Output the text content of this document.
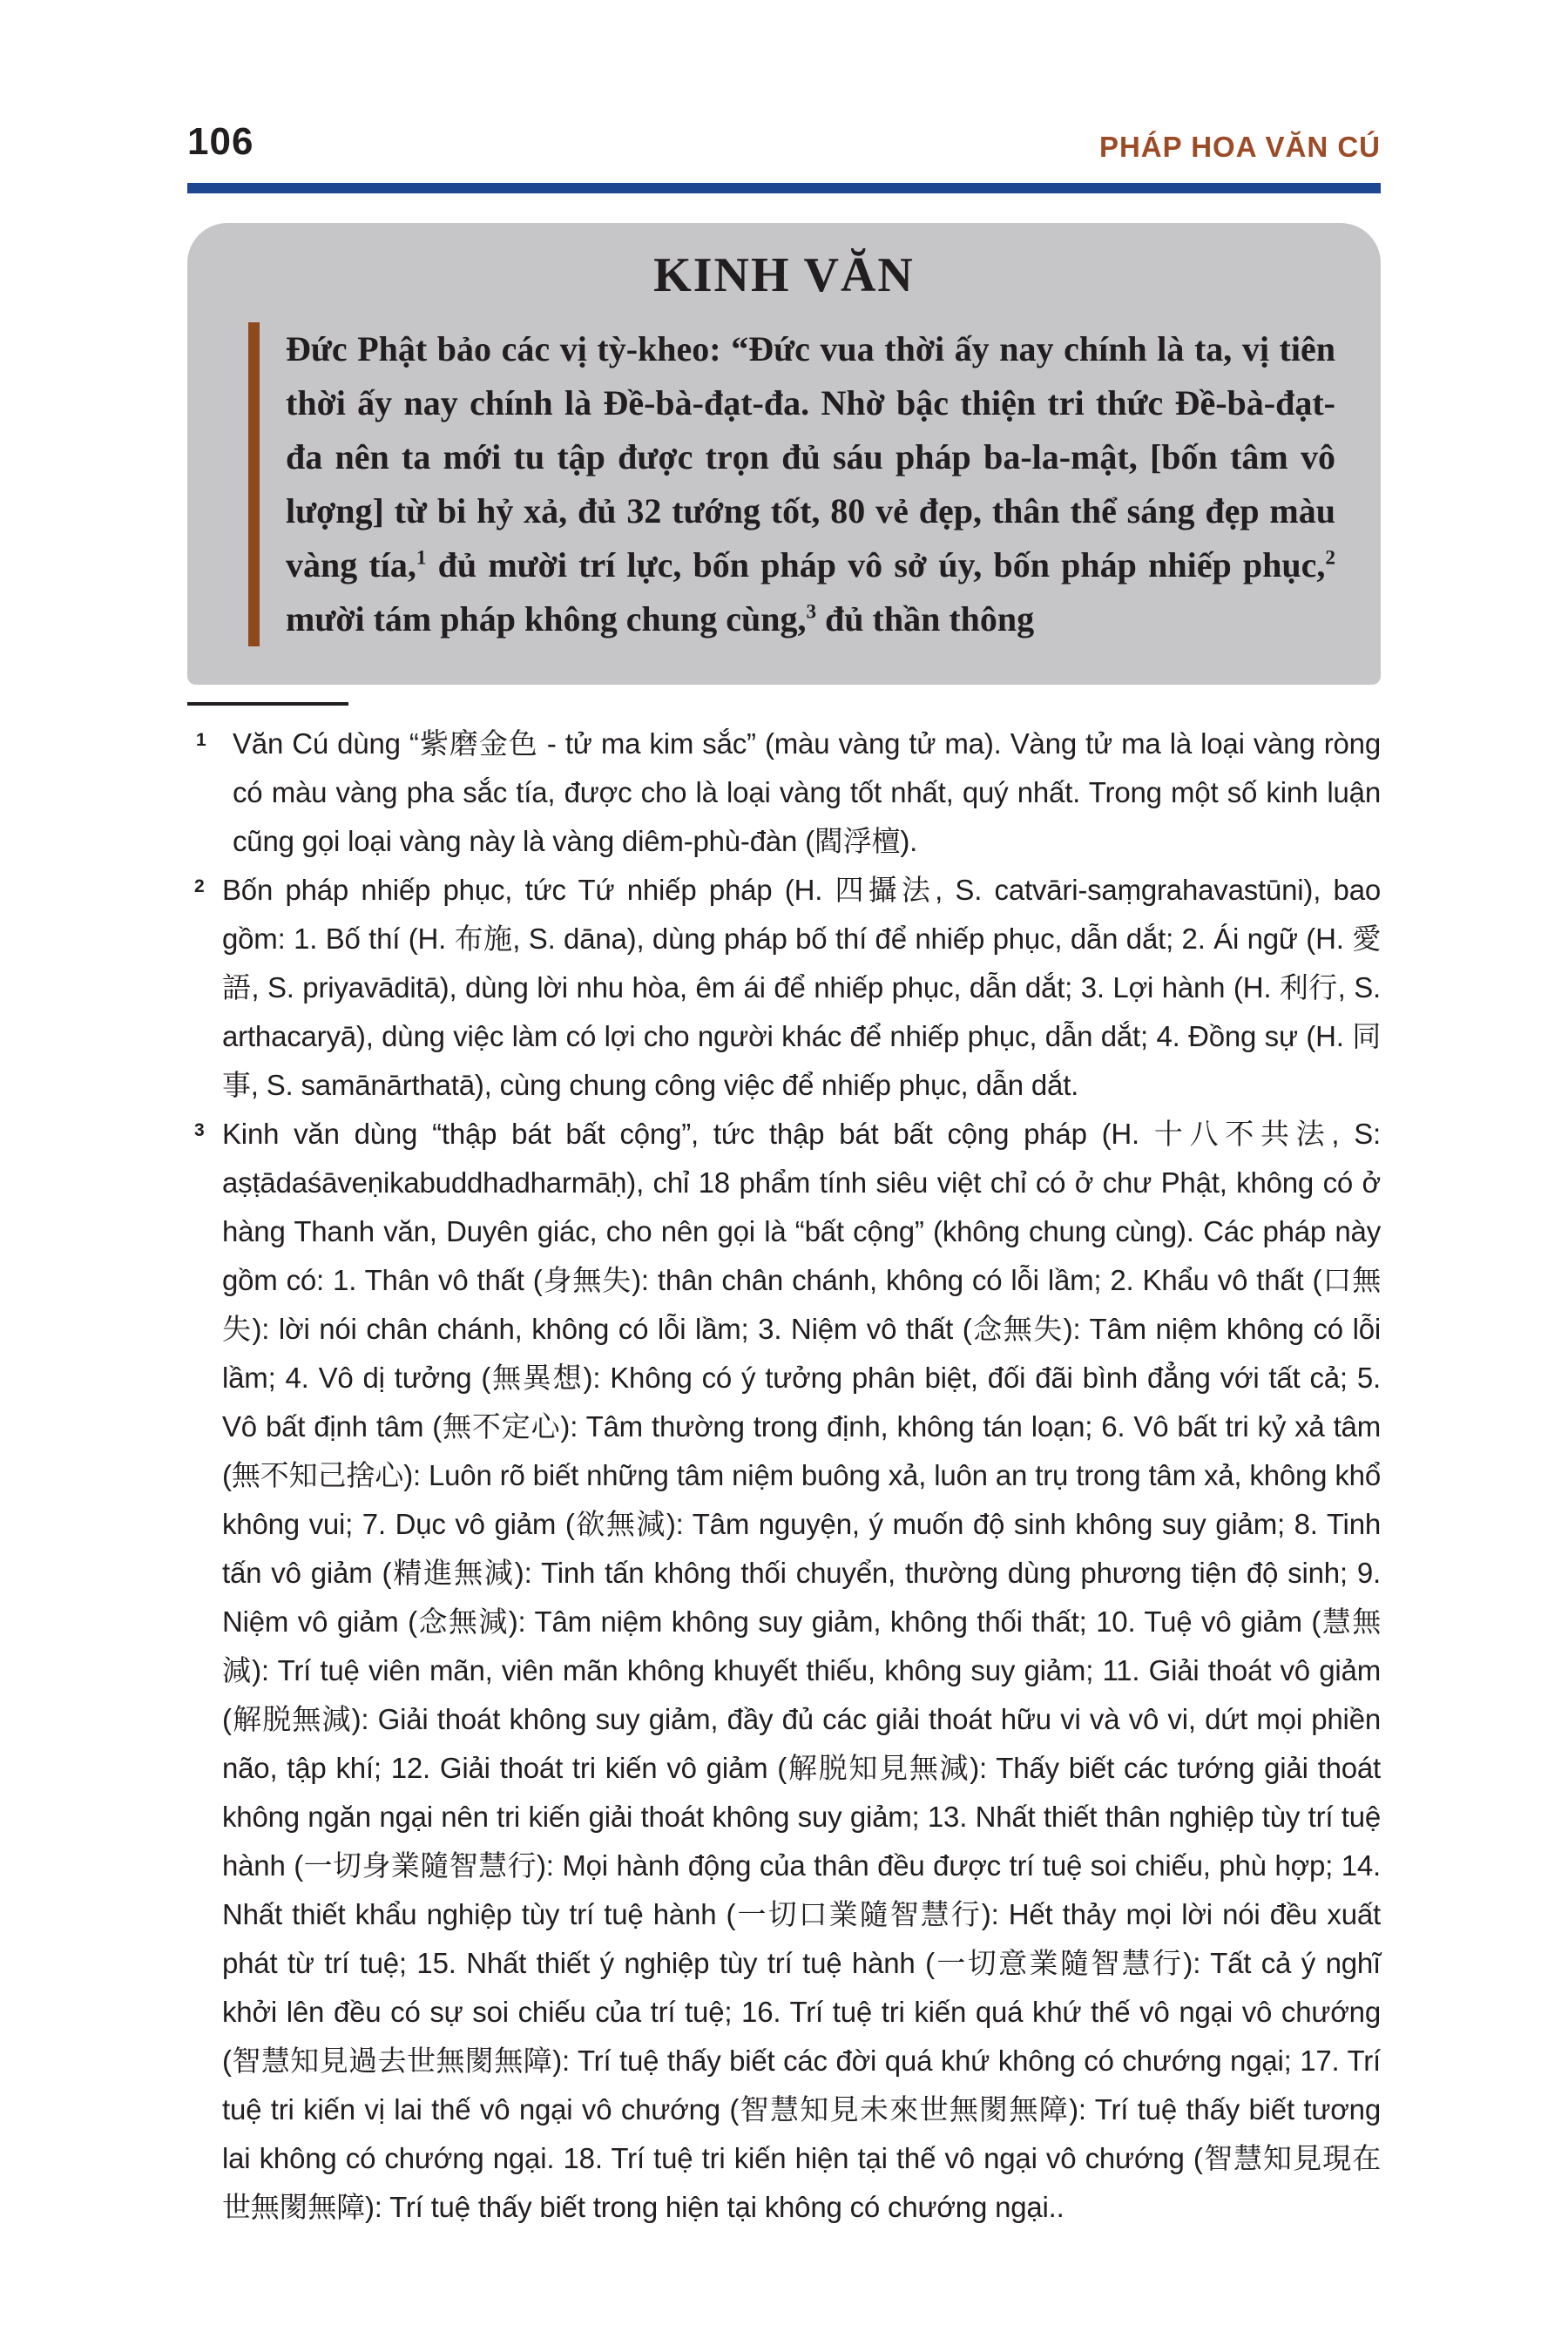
106	PHÁP HOA VĂN CÚ
KINH VĂN
Đức Phật bảo các vị tỳ-kheo: “Đức vua thời ấy nay chính là ta, vị tiên thời ấy nay chính là Đề-bà-đạt-đa. Nhờ bậc thiện tri thức Đề-bà-đạt-đa nên ta mới tu tập được trọn đủ sáu pháp ba-la-mật, [bốn tâm vô lượng] từ bi hỷ xả, đủ 32 tướng tốt, 80 vẻ đẹp, thân thể sáng đẹp màu vàng tía,$^1$ đủ mười trí lực, bốn pháp vô sở úy, bốn pháp nhiếp phục,$^2$ mười tám pháp không chung cùng,$^3$ đủ thần thông
1 Văn Cú dùng “紫磨金色 - tử ma kim sắc” (màu vàng tử ma). Vàng tử ma là loại vàng ròng có màu vàng pha sắc tía, được cho là loại vàng tốt nhất, quý nhất. Trong một số kinh luận cũng gọi loại vàng này là vàng diêm-phù-đàn (閻浮檀).
2 Bốn pháp nhiếp phục, tức Tứ nhiếp pháp (H. 四攝法, S. catvāri-saṃgrahavastūni), bao gồm: 1. Bố thí (H. 布施, S. dāna), dùng pháp bố thí để nhiếp phục, dẫn dắt; 2. Ái ngữ (H. 愛語, S. priyavāditā), dùng lời nhu hòa, êm ái để nhiếp phục, dẫn dắt; 3. Lợi hành (H. 利行, S. arthacaryā), dùng việc làm có lợi cho người khác để nhiếp phục, dẫn dắt; 4. Đồng sự (H. 同事, S. samānārthatā), cùng chung công việc để nhiếp phục, dẫn dắt.
3 Kinh văn dùng “thập bát bất cộng”, tức thập bát bất cộng pháp (H. 十八不共法, S: aṣṭādaśāveṇikabuddhadharmāḥ), chỉ 18 phẩm tính siêu việt chỉ có ở chư Phật, không có ở hàng Thanh văn, Duyên giác, cho nên gọi là “bất cộng” (không chung cùng). Các pháp này gồm có: 1. Thân vô thất (身無失): thân chân chánh, không có lỗi lầm; 2. Khẩu vô thất (口無失): lời nói chân chánh, không có lỗi lầm; 3. Niệm vô thất (念無失): Tâm niệm không có lỗi lầm; 4. Vô dị tưởng (無異想): Không có ý tưởng phân biệt, đối đãi bình đẳng với tất cả; 5. Vô bất định tâm (無不定心): Tâm thường trong định, không tán loạn; 6. Vô bất tri kỷ xả tâm (無不知己捨心): Luôn rõ biết những tâm niệm buông xả, luôn an trụ trong tâm xả, không khổ không vui; 7. Dục vô giảm (欲無減): Tâm nguyện, ý muốn độ sinh không suy giảm; 8. Tinh tấn vô giảm (精進無減): Tinh tấn không thối chuyển, thường dùng phương tiện độ sinh; 9. Niệm vô giảm (念無減): Tâm niệm không suy giảm, không thối thất; 10. Tuệ vô giảm (慧無減): Trí tuệ viên mãn, viên mãn không khuyết thiếu, không suy giảm; 11. Giải thoát vô giảm (解脱無減): Giải thoát không suy giảm, đầy đủ các giải thoát hữu vi và vô vi, dứt mọi phiền não, tập khí; 12. Giải thoát tri kiến vô giảm (解脱知見無減): Thấy biết các tướng giải thoát không ngăn ngại nên tri kiến giải thoát không suy giảm; 13. Nhất thiết thân nghiệp tùy trí tuệ hành (一切身業隨智慧行): Mọi hành động của thân đều được trí tuệ soi chiếu, phù hợp; 14. Nhất thiết khẩu nghiệp tùy trí tuệ hành (一切口業隨智慧行): Hết thảy mọi lời nói đều xuất phát từ trí tuệ; 15. Nhất thiết ý nghiệp tùy trí tuệ hành (一切意業隨智慧行): Tất cả ý nghĩ khởi lên đều có sự soi chiếu của trí tuệ; 16. Trí tuệ tri kiến quá khứ thế vô ngại vô chướng (智慧知見過去世無閡無障): Trí tuệ thấy biết các đời quá khứ không có chướng ngại; 17. Trí tuệ tri kiến vị lai thế vô ngại vô chướng (智慧知見未來世無閡無障): Trí tuệ thấy biết tương lai không có chướng ngại. 18. Trí tuệ tri kiến hiện tại thế vô ngại vô chướng (智慧知見現在世無閡無障): Trí tuệ thấy biết trong hiện tại không có chướng ngại..
